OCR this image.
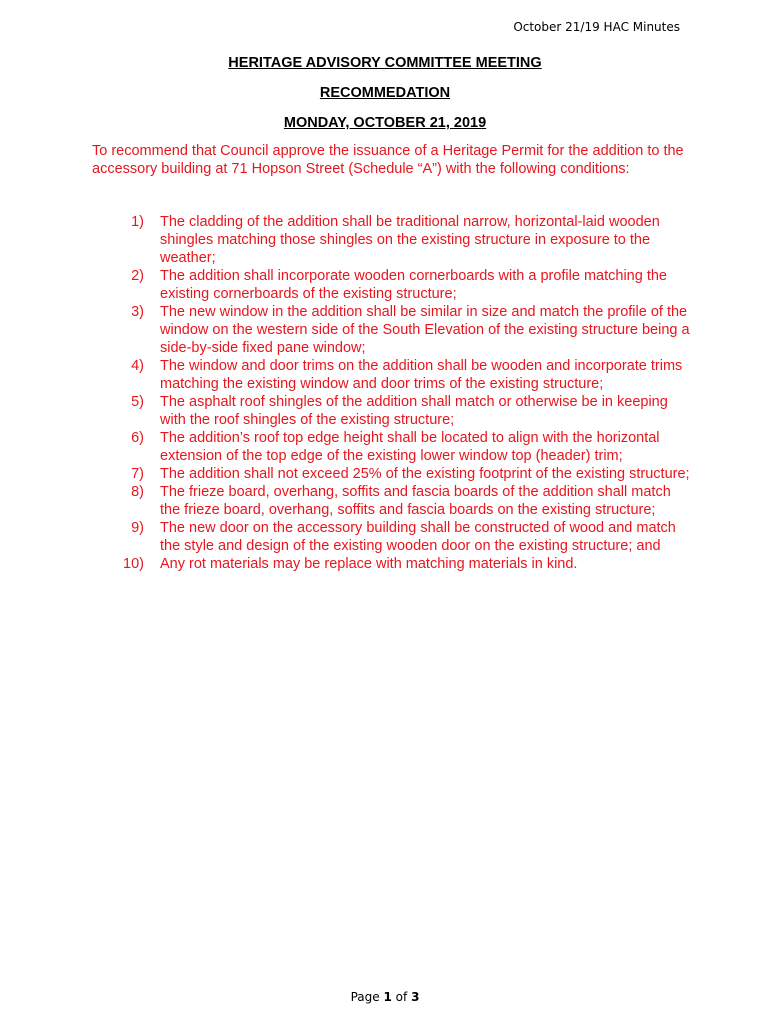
October 21/19 HAC Minutes
HERITAGE ADVISORY COMMITTEE MEETING
RECOMMEDATION
MONDAY, OCTOBER 21, 2019
To recommend that Council approve the issuance of a Heritage Permit for the addition to the accessory building at 71 Hopson Street (Schedule “A”) with the following conditions:
1)	The cladding of the addition shall be traditional narrow, horizontal-laid wooden shingles matching those shingles on the existing structure in exposure to the weather;
2)	The addition shall incorporate wooden cornerboards with a profile matching the existing cornerboards of the existing structure;
3)	The new window in the addition shall be similar in size and match the profile of the window on the western side of the South Elevation of the existing structure being a side-by-side fixed pane window;
4)	The window and door trims on the addition shall be wooden and incorporate trims matching the existing window and door trims of the existing structure;
5)	The asphalt roof shingles of the addition shall match or otherwise be in keeping with the roof shingles of the existing structure;
6)	The addition’s roof top edge height shall be located to align with the horizontal extension of the top edge of the existing lower window top (header) trim;
7)	The addition shall not exceed 25% of the existing footprint of the existing structure;
8)	The frieze board, overhang, soffits and fascia boards of the addition shall match the frieze board, overhang, soffits and fascia boards on the existing structure;
9)	The new door on the accessory building shall be constructed of wood and match the style and design of the existing wooden door on the existing structure; and
10)	Any rot materials may be replace with matching materials in kind.
Page 1 of 3
